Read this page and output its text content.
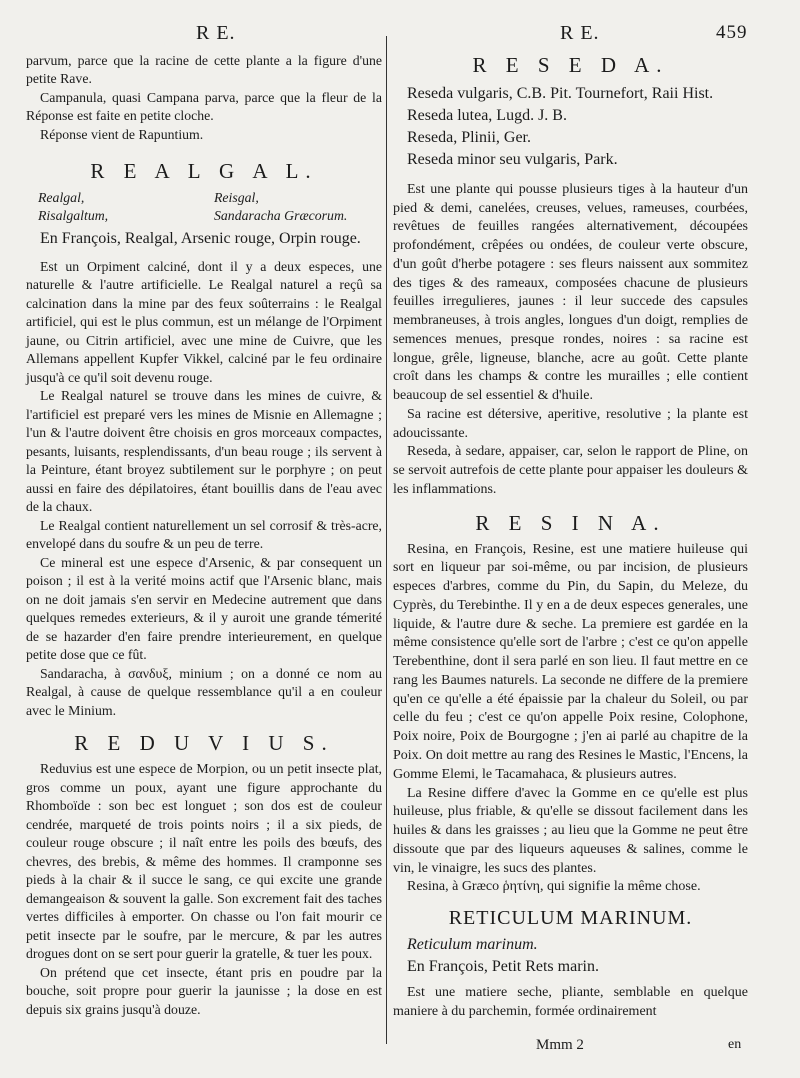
R E.	R E.	459

parvum, parce que la racine de cette plante a la figure d'une petite Rave.

Campanula, quasi Campana parva, parce que la fleur de la Réponse est faite en petite cloche.

Réponse vient de Rapuntium.

R E A L G A L.
Realgal,	Reisgal,
Risalgaltum,	Sandaracha Græcorum.

En François, Realgal, Arsenic rouge, Orpin rouge.

Est un Orpiment calciné, dont il y a deux especes, une naturelle & l'autre artificielle. Le Realgal naturel a reçû sa calcination dans la mine par des feux soûterrains : le Realgal artificiel, qui est le plus commun, est un mélange de l'Orpiment jaune, ou Citrin artificiel, avec une mine de Cuivre, que les Allemans appellent Kupfer Vikkel, calciné par le feu ordinaire jusqu'à ce qu'il soit devenu rouge.

Le Realgal naturel se trouve dans les mines de cuivre, & l'artificiel est preparé vers les mines de Misnie en Allemagne ; l'un & l'autre doivent être choisis en gros morceaux compactes, pesants, luisants, resplendissants, d'un beau rouge ; ils servent à la Peinture, étant broyez subtilement sur le porphyre ; on peut aussi en faire des dépilatoires, étant bouillis dans de l'eau avec de la chaux.

Le Realgal contient naturellement un sel corrosif & très-acre, envelopé dans du soufre & un peu de terre.

Ce mineral est une espece d'Arsenic, & par consequent un poison ; il est à la verité moins actif que l'Arsenic blanc, mais on ne doit jamais s'en servir en Medecine autrement que dans quelques remedes exterieurs, & il y auroit une grande témerité de se hazarder d'en faire prendre interieurement, en quelque petite dose que ce fût.

Sandaracha, à σανδυξ, minium ; on a donné ce nom au Realgal, à cause de quelque ressemblance qu'il a en couleur avec le Minium.

R E D U V I U S.

Reduvius est une espece de Morpion, ou un petit insecte plat, gros comme un poux, ayant une figure approchante du Rhomboïde : son bec est longuet ; son dos est de couleur cendrée, marqueté de trois points noirs ; il a six pieds, de couleur rouge obscure ; il naît entre les poils des bœufs, des chevres, des brebis, & même des hommes. Il cramponne ses pieds à la chair & il succe le sang, ce qui excite une grande demangeaison & souvent la galle. Son excrement fait des taches vertes difficiles à emporter. On chasse ou l'on fait mourir ce petit insecte par le soufre, par le mercure, & par les autres drogues dont on se sert pour guerir la gratelle, & tuer les poux.

On prétend que cet insecte, étant pris en poudre par la bouche, soit propre pour guerir la jaunisse ; la dose en est depuis six grains jusqu'à douze.

R E S E D A.

Reseda vulgaris, C.B. Pit. Tournefort, Raii Hist.

Reseda lutea, Lugd. J. B.

Reseda, Plinii, Ger.

Reseda minor seu vulgaris, Park.

Est une plante qui pousse plusieurs tiges à la hauteur d'un pied & demi, canelées, creuses, velues, rameuses, courbées, revêtues de feuilles rangées alternativement, découpées profondément, crêpées ou ondées, de couleur verte obscure, d'un goût d'herbe potagere : ses fleurs naissent aux sommitez des tiges & des rameaux, composées chacune de plusieurs feuilles irregulieres, jaunes : il leur succede des capsules membraneuses, à trois angles, longues d'un doigt, remplies de semences menues, presque rondes, noires : sa racine est longue, grêle, ligneuse, blanche, acre au goût. Cette plante croît dans les champs & contre les murailles ; elle contient beaucoup de sel essentiel & d'huile.

Sa racine est détersive, aperitive, resolutive ; la plante est adoucissante.

Reseda, à sedare, appaiser, car, selon le rapport de Pline, on se servoit autrefois de cette plante pour appaiser les douleurs & les inflammations.

R E S I N A.

Resina, en François, Resine, est une matiere huileuse qui sort en liqueur par soi-même, ou par incision, de plusieurs especes d'arbres, comme du Pin, du Sapin, du Meleze, du Cyprès, du Terebinthe. Il y en a de deux especes generales, une liquide, & l'autre dure & seche. La premiere est gardée en la même consistence qu'elle sort de l'arbre ; c'est ce qu'on appelle Terebenthine, dont il sera parlé en son lieu. Il faut mettre en ce rang les Baumes naturels. La seconde ne differe de la premiere qu'en ce qu'elle a été épaissie par la chaleur du Soleil, ou par celle du feu ; c'est ce qu'on appelle Poix resine, Colophone, Poix noire, Poix de Bourgogne ; j'en ai parlé au chapitre de la Poix. On doit mettre au rang des Resines le Mastic, l'Encens, la Gomme Elemi, le Tacamahaca, & plusieurs autres.

La Resine differe d'avec la Gomme en ce qu'elle est plus huileuse, plus friable, & qu'elle se dissout facilement dans les huiles & dans les graisses ; au lieu que la Gomme ne peut être dissoute que par des liqueurs aqueuses & salines, comme le vin, le vinaigre, les sucs des plantes.

Resina, à Græco ῥητίνη, qui signifie la même chose.

RETICULUM MARINUM.

Reticulum marinum.

En François, Petit Rets marin.

Est une matiere seche, pliante, semblable en quelque maniere à du parchemin, formée ordinairement

Mmm 2	en
